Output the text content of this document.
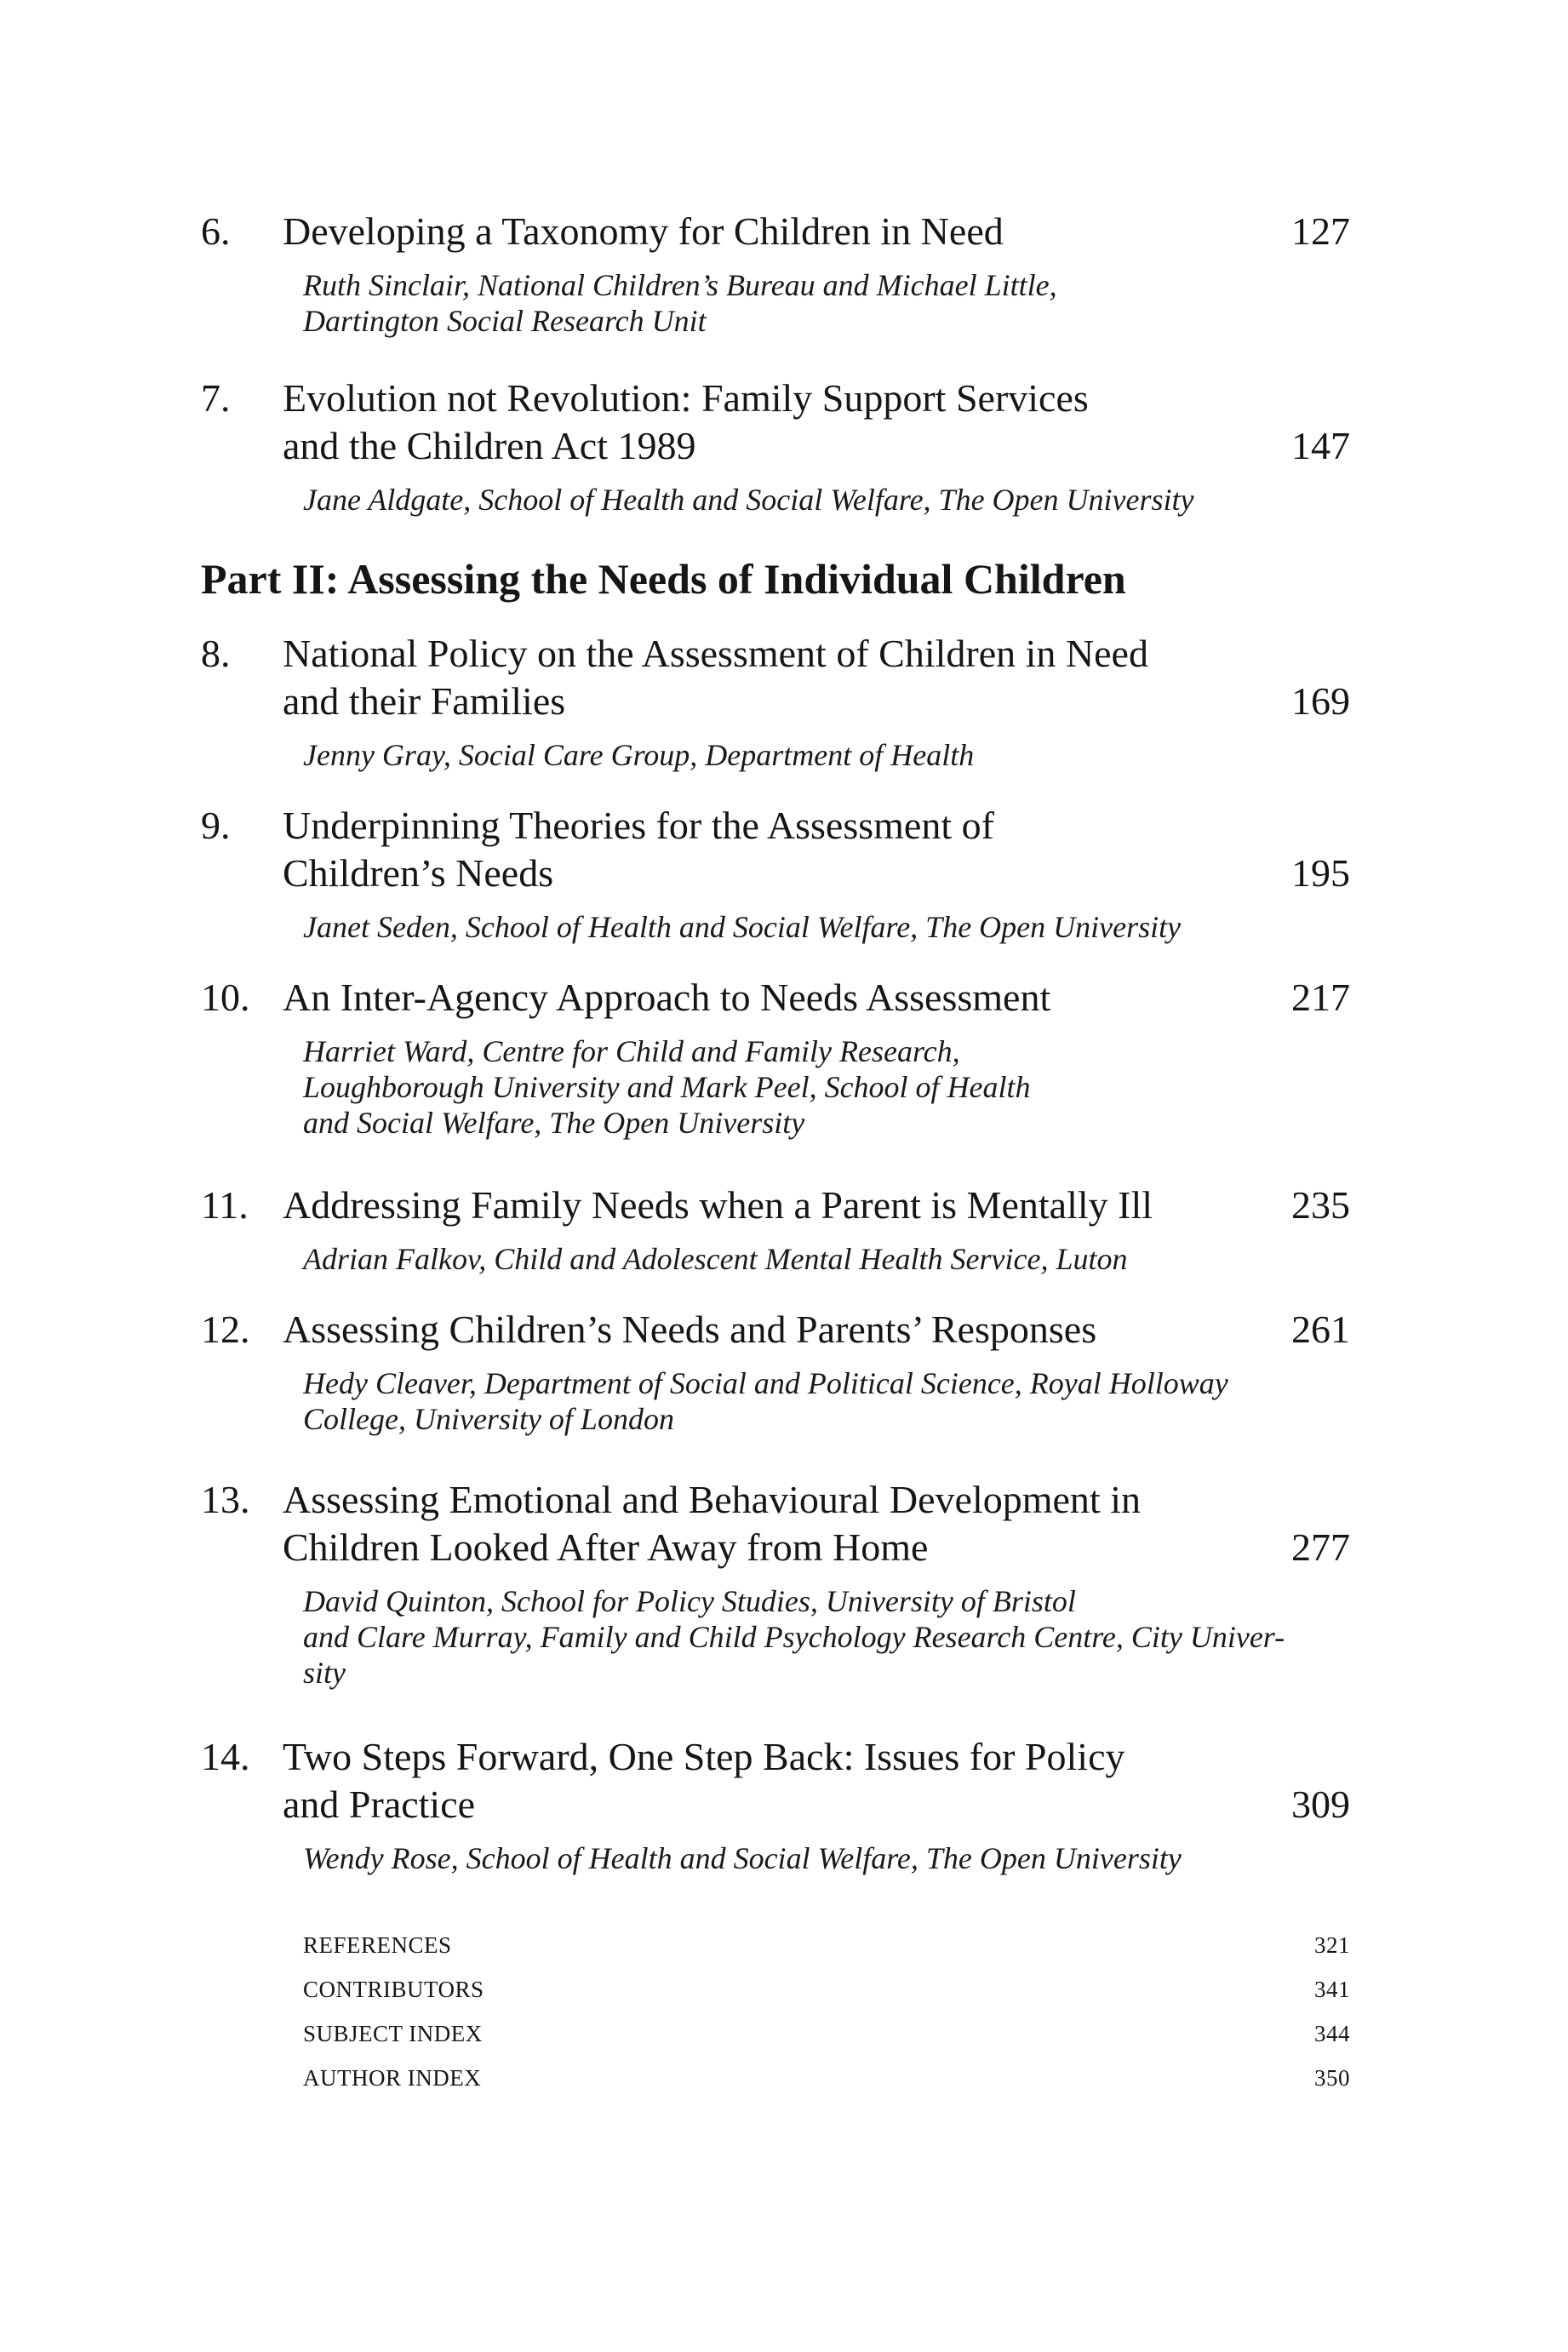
6. Developing a Taxonomy for Children in Need	127
Ruth Sinclair, National Children’s Bureau and Michael Little,
Dartington Social Research Unit
7. Evolution not Revolution: Family Support Services
and the Children Act 1989	147
Jane Aldgate, School of Health and Social Welfare, The Open University
Part II: Assessing the Needs of Individual Children
8. National Policy on the Assessment of Children in Need
and their Families	169
Jenny Gray, Social Care Group, Department of Health
9. Underpinning Theories for the Assessment of
Children’s Needs	195
Janet Seden, School of Health and Social Welfare, The Open University
10. An Inter-Agency Approach to Needs Assessment	217
Harriet Ward, Centre for Child and Family Research,
Loughborough University and Mark Peel, School of Health
and Social Welfare, The Open University
11. Addressing Family Needs when a Parent is Mentally Ill	235
Adrian Falkov, Child and Adolescent Mental Health Service, Luton
12. Assessing Children’s Needs and Parents’ Responses	261
Hedy Cleaver, Department of Social and Political Science, Royal Holloway
College, University of London
13. Assessing Emotional and Behavioural Development in
Children Looked After Away from Home	277
David Quinton, School for Policy Studies, University of Bristol
and Clare Murray, Family and Child Psychology Research Centre, City Univer-
sity
14. Two Steps Forward, One Step Back: Issues for Policy
and Practice	309
Wendy Rose, School of Health and Social Welfare, The Open University
REFERENCES	321
CONTRIBUTORS	341
SUBJECT INDEX	344
AUTHOR INDEX	350
